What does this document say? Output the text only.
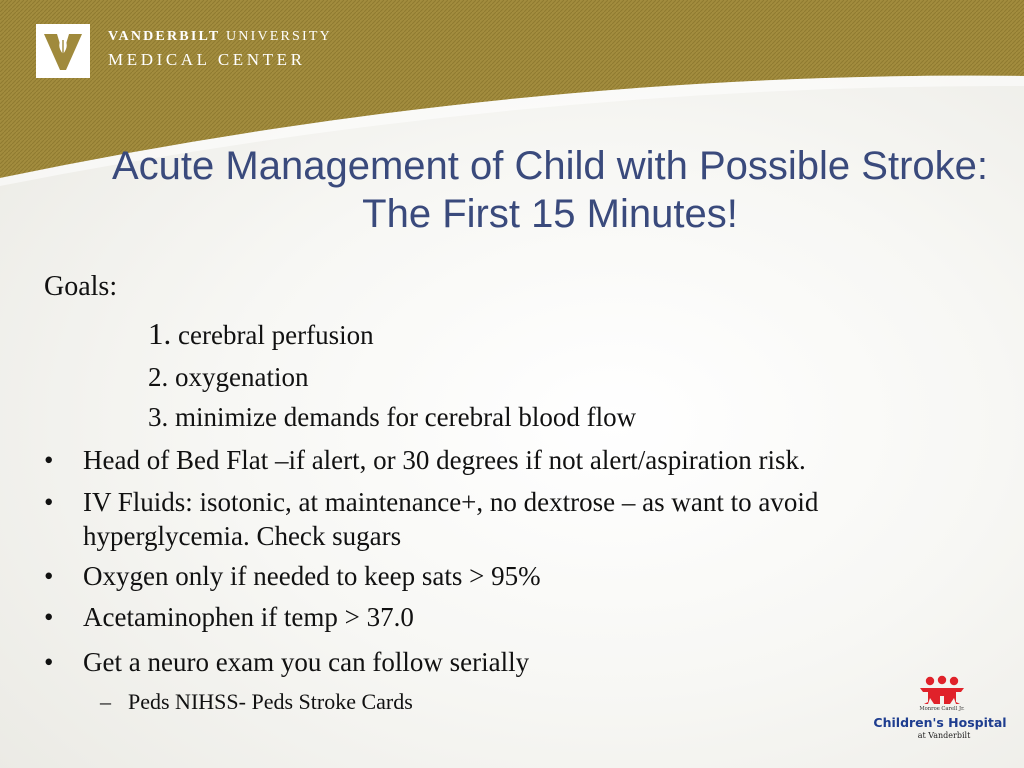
VANDERBILT UNIVERSITY
MEDICAL CENTER
Acute Management of Child with Possible Stroke: The First 15 Minutes!
Goals:
1. cerebral perfusion
2. oxygenation
3. minimize demands for cerebral blood flow
• Head of Bed Flat –if alert, or 30 degrees if not alert/aspiration risk.
• IV Fluids: isotonic, at maintenance+, no dextrose – as want to avoid hyperglycemia. Check sugars
• Oxygen only if needed to keep sats > 95%
• Acetaminophen if temp > 37.0
• Get a neuro exam you can follow serially
– Peds NIHSS- Peds Stroke Cards	Monroe Carell Jr.
Children's Hospital
at Vanderbilt
